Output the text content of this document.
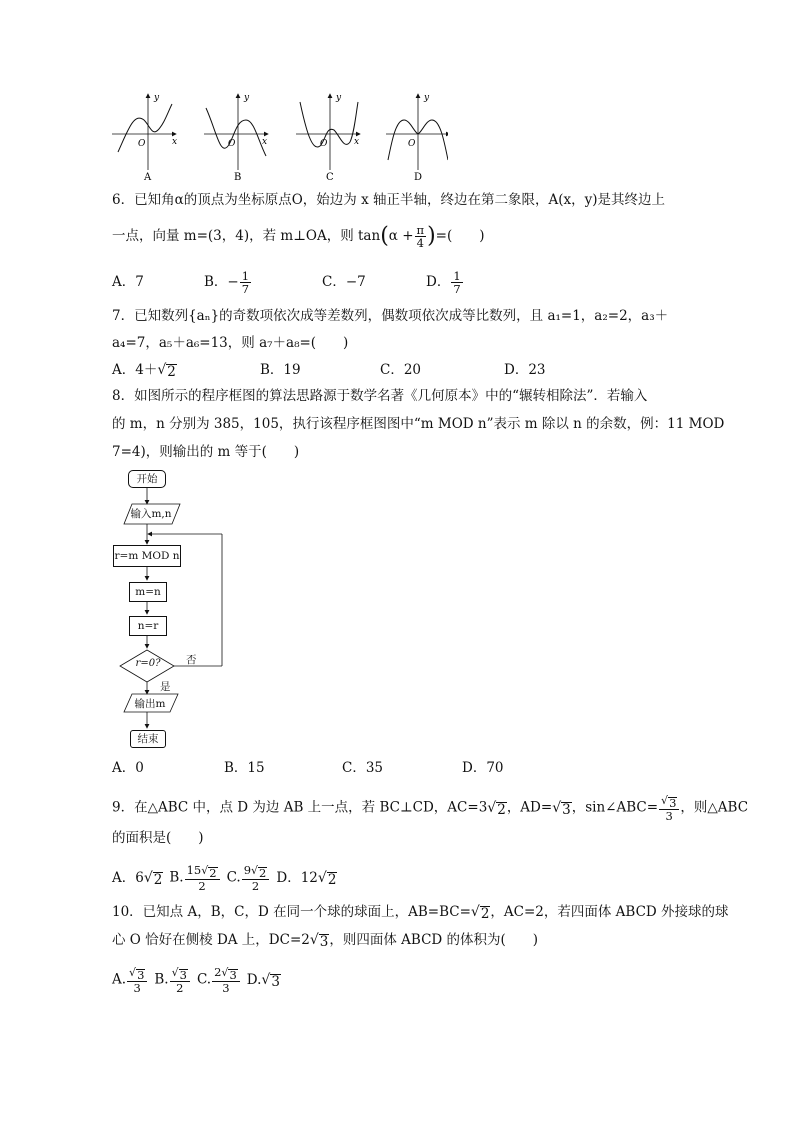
y
x
O
A
y
x
O
B
y
x
O
C
y
O
D
6．已知角α的顶点为坐标原点O，始边为 x 轴正半轴，终边在第二象限，A(x，y)是其终边上
一点，向量 m=(3，4)，若 m⊥OA，则 $\tan(\alpha + \frac{\pi}{4}$ )=(　　)
A．7	B．− $\frac{1}{7}$	C．−7	D． $\frac{1}{7}$
7．已知数列{aₙ}的奇数项依次成等差数列，偶数项依次成等比数列，且 a₁=1，a₂=2，a₃＋
a₄=7，a₅＋a₆=13，则 a₇＋a₈=(　　)
A．4＋ √ 2	B．19	C．20	D．23
8．如图所示的程序框图的算法思路源于数学名著《几何原本》中的“辗转相除法”．若输入
的 m，n 分别为 385，105，执行该程序框图图中“m MOD n”表示 m 除以 n 的余数，例：11 MOD
7=4)，则输出的 m 等于(　　)
开始
输入m,n
r=m MOD n
m=n
n=r
r=0? 否
是
输出m
结束
A．0	B．15	C．35	D．70
9．在△ABC 中，点 D 为边 AB 上一点，若 BC⊥CD，AC=3 √ 2 ，AD= √ 3 ，sin∠ABC= $\frac{√ 3}{3}$ ，则△ABC
的面积是(　　)
A．6 √ 2 B. $\frac{15 √ 2}{2} C$. $\frac{9 √ 2}{2}$ D．12 √ 2
10．已知点 A，B，C，D 在同一个球的球面上，AB=BC= √ 2 ，AC=2，若四面体 ABCD 外接球的球
心 O 恰好在侧棱 DA 上，DC=2 √ 3 ，则四面体 ABCD 的体积为(　　)
A. $\frac{√ 3}{3} B$. $\frac{√ 3}{2} C$. $\frac{2 √ 3}{3} D$. √ 3
